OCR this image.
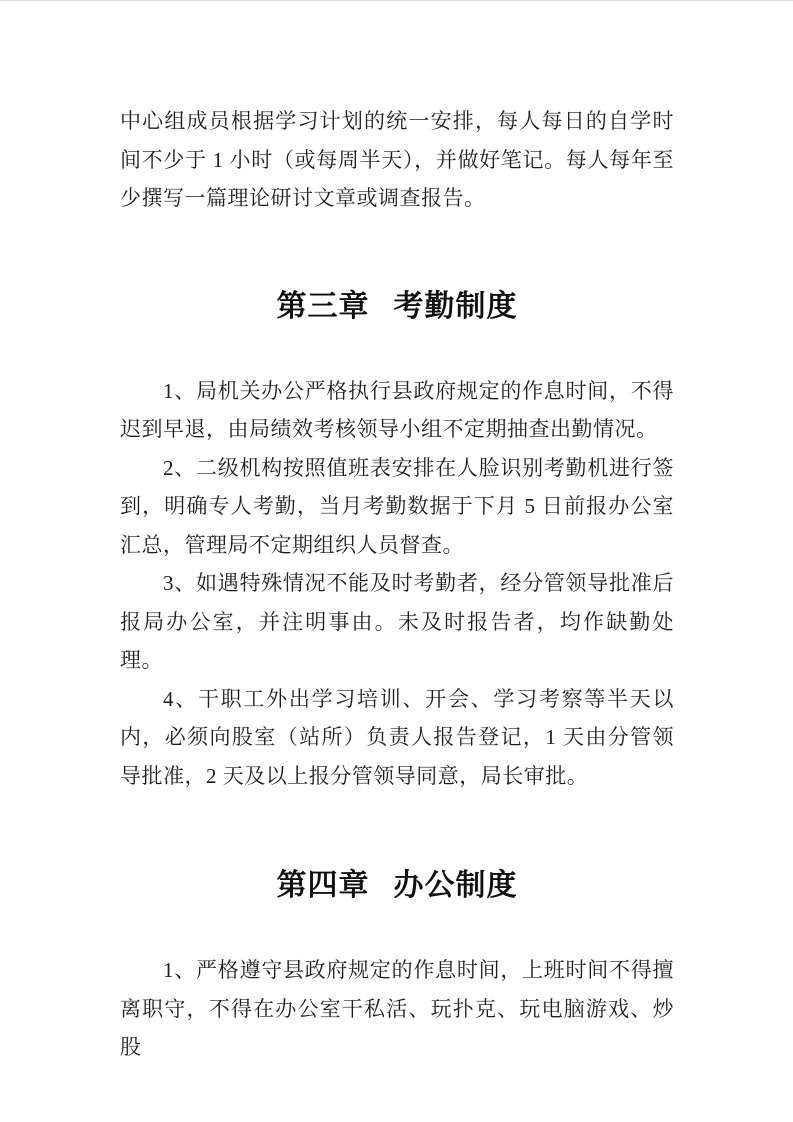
中心组成员根据学习计划的统一安排，每人每日的自学时间不少于 1 小时（或每周半天），并做好笔记。每人每年至少撰写一篇理论研讨文章或调查报告。

第三章 考勤制度

1、局机关办公严格执行县政府规定的作息时间，不得迟到早退，由局绩效考核领导小组不定期抽查出勤情况。

2、二级机构按照值班表安排在人脸识别考勤机进行签到，明确专人考勤，当月考勤数据于下月 5 日前报办公室汇总，管理局不定期组织人员督查。

3、如遇特殊情况不能及时考勤者，经分管领导批准后报局办公室，并注明事由。未及时报告者，均作缺勤处理。

4、干职工外出学习培训、开会、学习考察等半天以内，必须向股室（站所）负责人报告登记，1 天由分管领导批准，2 天及以上报分管领导同意，局长审批。

第四章 办公制度

1、严格遵守县政府规定的作息时间，上班时间不得擅离职守，不得在办公室干私活、玩扑克、玩电脑游戏、炒股
